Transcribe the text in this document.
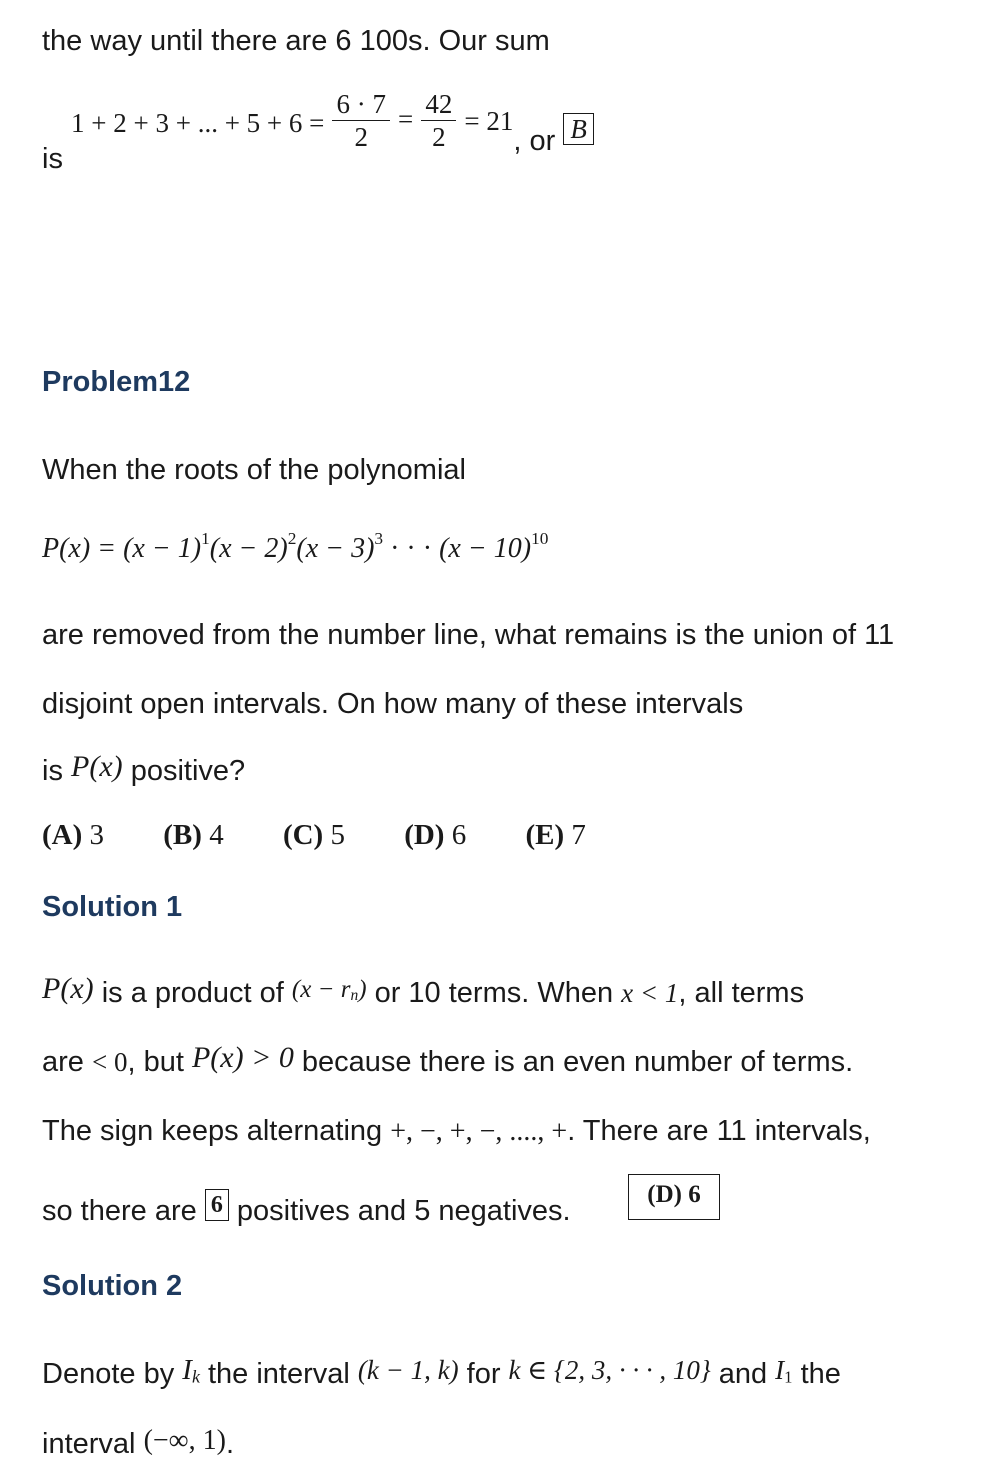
the way until there are 6 100s. Our sum
is 1 + 2 + 3 + ... + $5 + 6 = \frac{6 \cdot 7}{2} = \frac{42}{2} = 21$, or B
Problem12
When the roots of the polynomial
$P(x) = (x - 1)^1(x - 2)^2(x - 3)^3$ · · · $(x - 10)^{10}$
are removed from the number line, what remains is the union of 11
disjoint open intervals. On how many of these intervals
is P(x) positive?
(A) 3 (B) 4 (C) 5 (D) 6 (E) 7
Solution 1
P(x) is a product of $(x - r_n)$ or 10 terms. When x < 1, all terms
are < 0, but P(x) > 0 because there is an even number of terms.
The sign keeps alternating +, −, +, −, ...., +. There are 11 intervals,
so there are 6 positives and 5 negatives.
(D) 6
Solution 2
Denote by $I_k$ the interval (k − 1, k) for k ∈ {2, 3, · · · , 10} and $I_1$ the
interval (−∞, 1).
